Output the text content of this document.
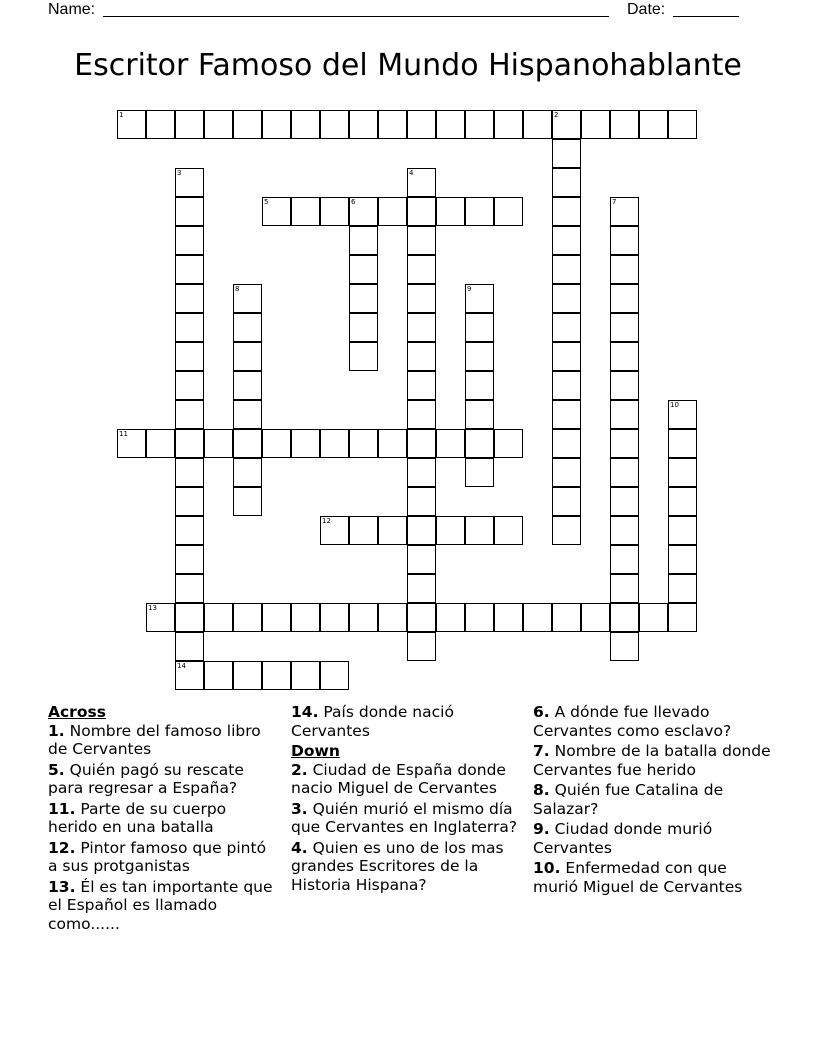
Name:	Date:
Escritor Famoso del Mundo Hispanohablante
1	2
5	6
11
12
13
14
3	4
7
8	9
10
Across
1. Nombre del famoso libro de Cervantes
5. Quién pagó su rescate para regresar a España?
11. Parte de su cuerpo herido en una batalla
12. Pintor famoso que pintó a sus protganistas
13. Él es tan importante que el Español es llamado como......
14. País donde nació Cervantes
Down
2. Ciudad de España donde nacio Miguel de Cervantes
3. Quién murió el mismo día que Cervantes en Inglaterra?
4. Quien es uno de los mas grandes Escritores de la Historia Hispana?
6. A dónde fue llevado Cervantes como esclavo?
7. Nombre de la batalla donde Cervantes fue herido
8. Quién fue Catalina de Salazar?
9. Ciudad donde murió Cervantes
10. Enfermedad con que murió Miguel de Cervantes
